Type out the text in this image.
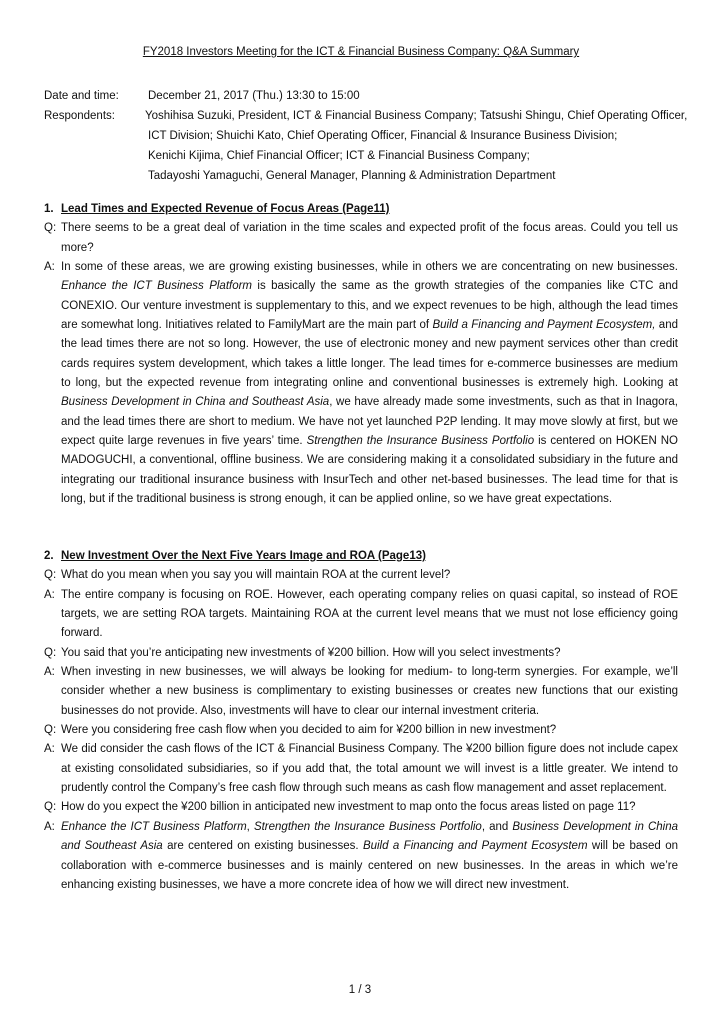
FY2018 Investors Meeting for the ICT & Financial Business Company: Q&A Summary
Date and time:	December 21, 2017 (Thu.) 13:30 to 15:00
Respondents:	Yoshihisa Suzuki, President, ICT & Financial Business Company; Tatsushi Shingu, Chief Operating Officer,
ICT Division; Shuichi Kato, Chief Operating Officer, Financial & Insurance Business Division;
Kenichi Kijima, Chief Financial Officer; ICT & Financial Business Company;
Tadayoshi Yamaguchi, General Manager, Planning & Administration Department
1. Lead Times and Expected Revenue of Focus Areas (Page11)
Q: There seems to be a great deal of variation in the time scales and expected profit of the focus areas. Could you tell us more?
A: In some of these areas, we are growing existing businesses, while in others we are concentrating on new businesses. Enhance the ICT Business Platform is basically the same as the growth strategies of the companies like CTC and CONEXIO. Our venture investment is supplementary to this, and we expect revenues to be high, although the lead times are somewhat long. Initiatives related to FamilyMart are the main part of Build a Financing and Payment Ecosystem, and the lead times there are not so long. However, the use of electronic money and new payment services other than credit cards requires system development, which takes a little longer. The lead times for e-commerce businesses are medium to long, but the expected revenue from integrating online and conventional businesses is extremely high. Looking at Business Development in China and Southeast Asia, we have already made some investments, such as that in Inagora, and the lead times there are short to medium. We have not yet launched P2P lending. It may move slowly at first, but we expect quite large revenues in five years’ time. Strengthen the Insurance Business Portfolio is centered on HOKEN NO MADOGUCHI, a conventional, offline business. We are considering making it a consolidated subsidiary in the future and integrating our traditional insurance business with InsurTech and other net-based businesses. The lead time for that is long, but if the traditional business is strong enough, it can be applied online, so we have great expectations.
2. New Investment Over the Next Five Years Image and ROA (Page13)
Q: What do you mean when you say you will maintain ROA at the current level?
A: The entire company is focusing on ROE. However, each operating company relies on quasi capital, so instead of ROE targets, we are setting ROA targets. Maintaining ROA at the current level means that we must not lose efficiency going forward.
Q: You said that you’re anticipating new investments of ¥200 billion. How will you select investments?
A: When investing in new businesses, we will always be looking for medium- to long-term synergies. For example, we’ll consider whether a new business is complimentary to existing businesses or creates new functions that our existing businesses do not provide. Also, investments will have to clear our internal investment criteria.
Q: Were you considering free cash flow when you decided to aim for ¥200 billion in new investment?
A: We did consider the cash flows of the ICT & Financial Business Company. The ¥200 billion figure does not include capex at existing consolidated subsidiaries, so if you add that, the total amount we will invest is a little greater. We intend to prudently control the Company’s free cash flow through such means as cash flow management and asset replacement.
Q: How do you expect the ¥200 billion in anticipated new investment to map onto the focus areas listed on page 11?
A: Enhance the ICT Business Platform, Strengthen the Insurance Business Portfolio, and Business Development in China and Southeast Asia are centered on existing businesses. Build a Financing and Payment Ecosystem will be based on collaboration with e-commerce businesses and is mainly centered on new businesses. In the areas in which we’re enhancing existing businesses, we have a more concrete idea of how we will direct new investment.
1 / 3
